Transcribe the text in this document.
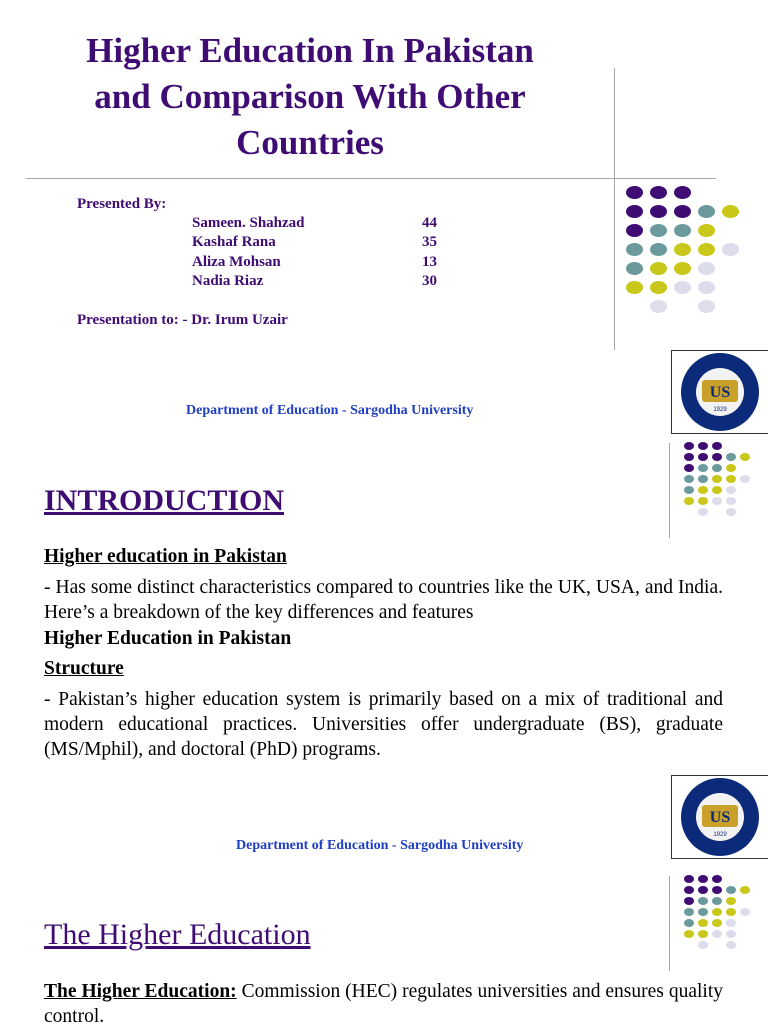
Higher Education In Pakistan
and Comparison With Other
Countries
Presented By:
Sameen. Shahzad	44
Kashaf Rana	35
Aliza Mohsan	13
Nadia Riaz	30
Presentation to: - Dr. Irum Uzair
US
1929
Department of Education - Sargodha University
INTRODUCTION
Higher education in Pakistan
- Has some distinct characteristics compared to countries like the UK, USA, and India. Here’s a breakdown of the key differences and features
Higher Education in Pakistan
Structure
- Pakistan’s higher education system is primarily based on a mix of traditional and modern educational practices. Universities offer undergraduate (BS), graduate (MS/Mphil), and doctoral (PhD) programs.
US
1929
Department of Education - Sargodha University
The Higher Education
The Higher Education: Commission (HEC) regulates universities and ensures quality control.
